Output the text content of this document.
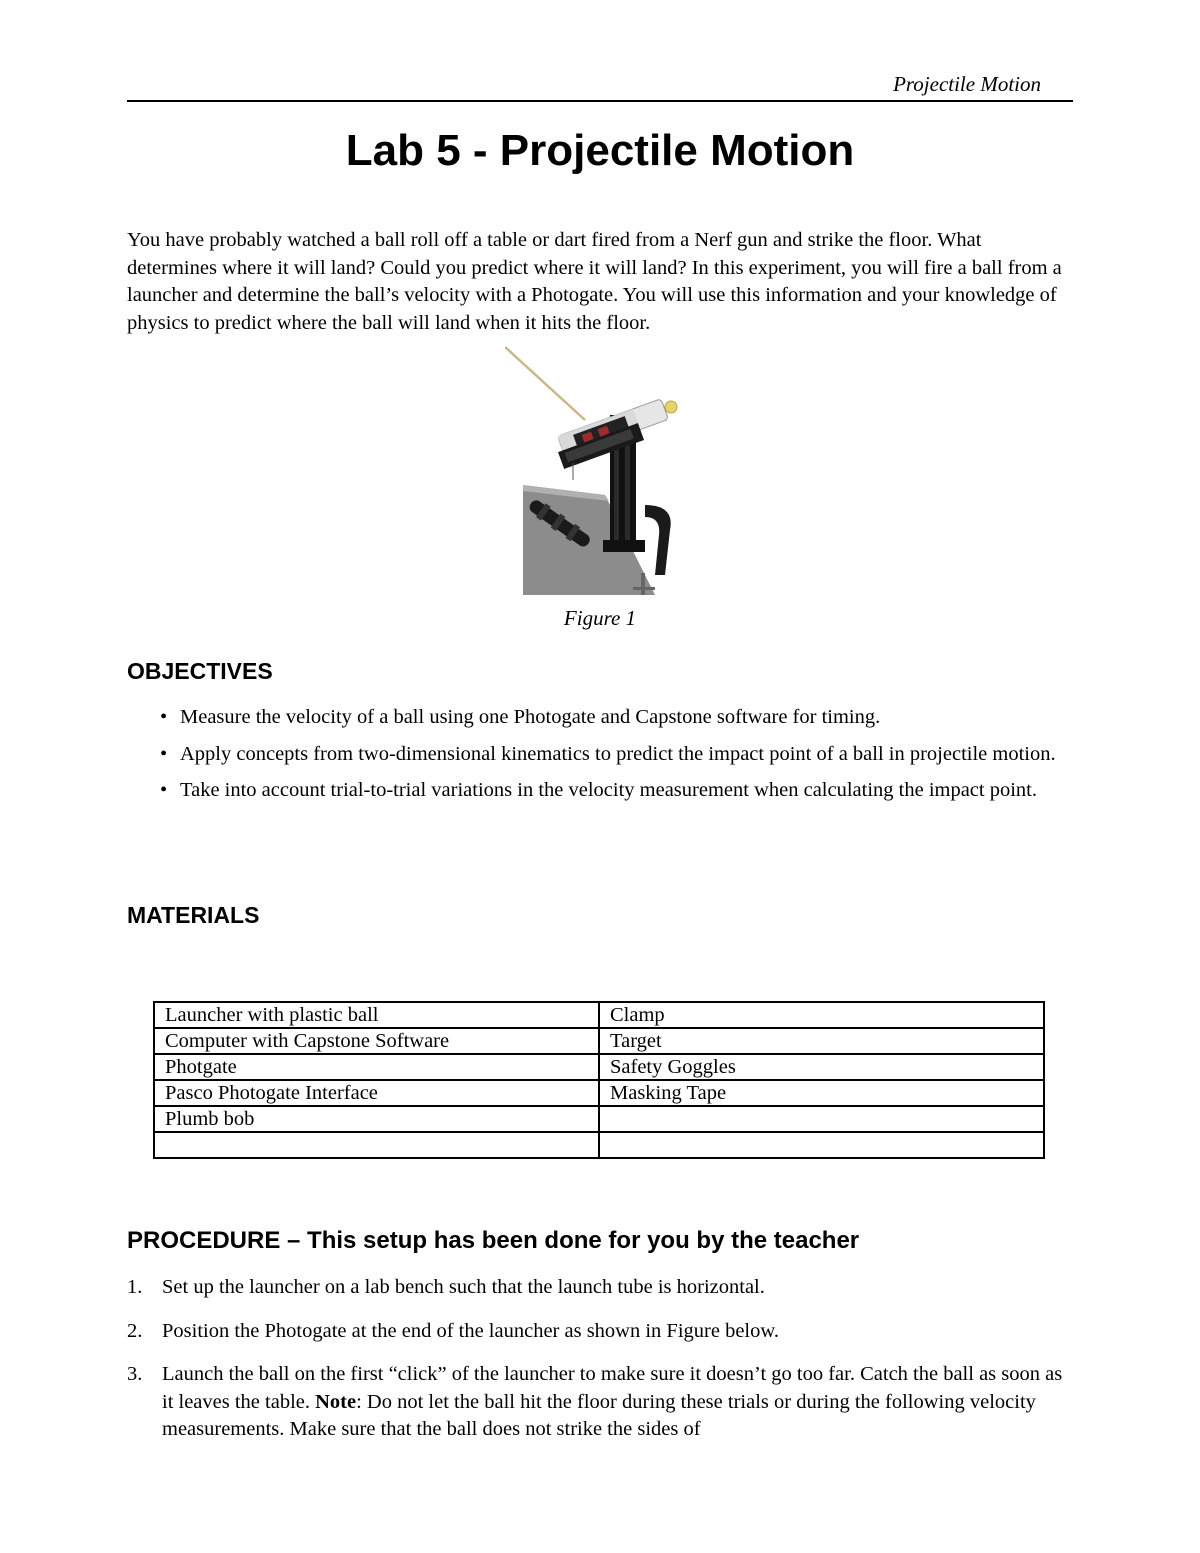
Projectile Motion
Lab 5 - Projectile Motion

You have probably watched a ball roll off a table or dart fired from a Nerf gun and strike the floor. What determines where it will land? Could you predict where it will land? In this experiment, you will fire a ball from a launcher and determine the ball’s velocity with a Photogate. You will use this information and your knowledge of physics to predict where the ball will land when it hits the floor.

Figure 1
OBJECTIVES
• Measure the velocity of a ball using one Photogate and Capstone software for timing.
• Apply concepts from two-dimensional kinematics to predict the impact point of a ball in projectile motion.
• Take into account trial-to-trial variations in the velocity measurement when calculating the impact point.
MATERIALS
Launcher with plastic ball	Clamp
Computer with Capstone Software	Target
Photgate	Safety Goggles
Pasco Photogate Interface	Masking Tape
Plumb bob	

PROCEDURE – This setup has been done for you by the teacher
1. Set up the launcher on a lab bench such that the launch tube is horizontal.
2. Position the Photogate at the end of the launcher as shown in Figure below.
3. Launch the ball on the first “click” of the launcher to make sure it doesn’t go too far. Catch the ball as soon as it leaves the table. Note: Do not let the ball hit the floor during these trials or during the following velocity measurements. Make sure that the ball does not strike the sides of
